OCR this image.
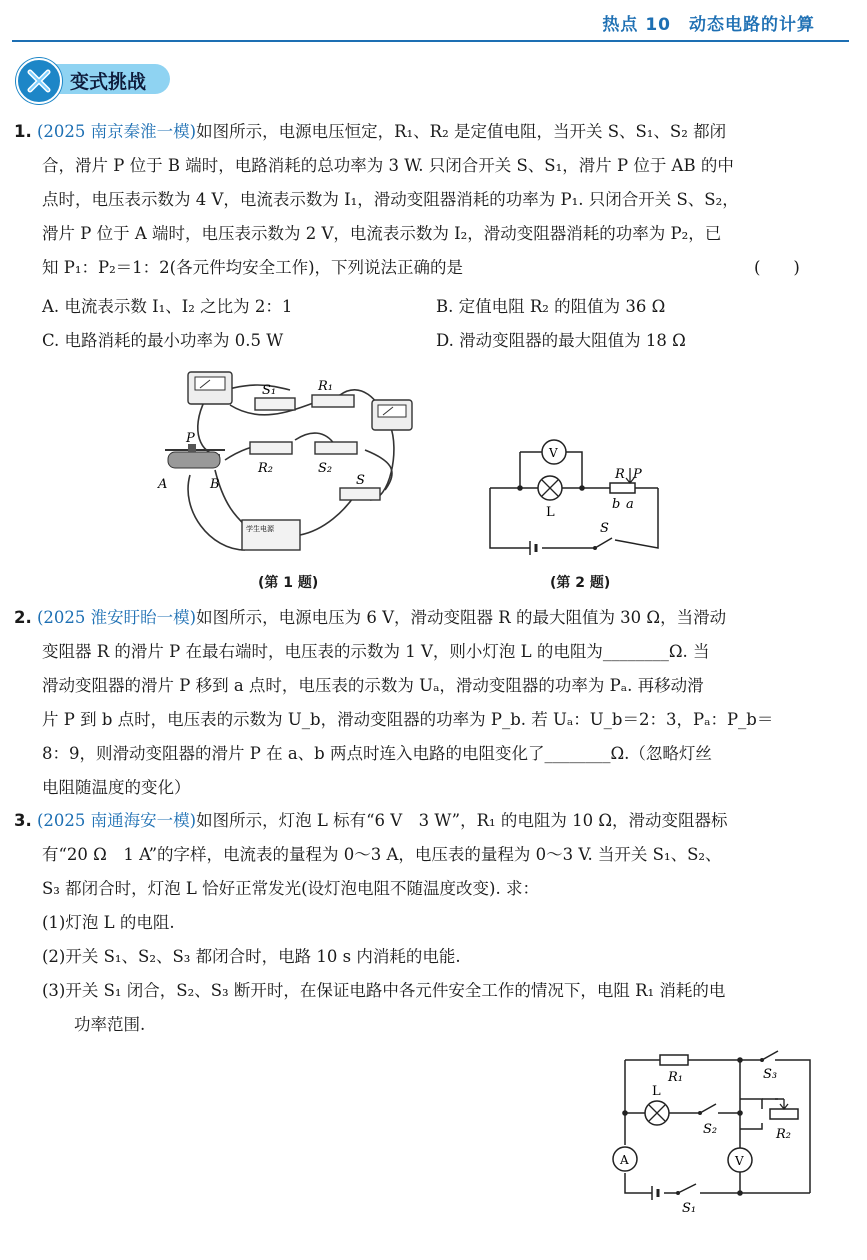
热点 10　动态电路的计算
变式挑战
1. (2025 南京秦淮一模)如图所示，电源电压恒定，R₁、R₂ 是定值电阻，当开关 S、S₁、S₂ 都闭
合，滑片 P 位于 B 端时，电路消耗的总功率为 3 W. 只闭合开关 S、S₁，滑片 P 位于 AB 的中
点时，电压表示数为 4 V，电流表示数为 I₁，滑动变阻器消耗的功率为 P₁. 只闭合开关 S、S₂，
滑片 P 位于 A 端时，电压表示数为 2 V，电流表示数为 I₂，滑动变阻器消耗的功率为 P₂，已
知 P₁：P₂＝1：2(各元件均安全工作)，下列说法正确的是	(　　)
A. 电流表示数 I₁、I₂ 之比为 2：1	B. 定值电阻 R₂ 的阻值为 36 Ω
C. 电路消耗的最小功率为 0.5 W	D. 滑动变阻器的最大阻值为 18 Ω
S₁	R₁
R₂	S₂
S
P
A	B
学生电源
(第 1 题)
V
L
R P
b a
S
(第 2 题)
2. (2025 淮安盱眙一模)如图所示，电源电压为 6 V，滑动变阻器 R 的最大阻值为 30 Ω，当滑动
变阻器 R 的滑片 P 在最右端时，电压表的示数为 1 V，则小灯泡 L 的电阻为________Ω. 当
滑动变阻器的滑片 P 移到 a 点时，电压表的示数为 Uₐ，滑动变阻器的功率为 Pₐ. 再移动滑
片 P 到 b 点时，电压表的示数为 U_b，滑动变阻器的功率为 P_b. 若 Uₐ：U_b＝2：3，Pₐ：P_b＝
8：9，则滑动变阻器的滑片 P 在 a、b 两点时连入电路的电阻变化了________Ω.（忽略灯丝
电阻随温度的变化）
3. (2025 南通海安一模)如图所示，灯泡 L 标有“6 V　3 W”，R₁ 的电阻为 10 Ω，滑动变阻器标
有“20 Ω　1 A”的字样，电流表的量程为 0～3 A，电压表的量程为 0～3 V. 当开关 S₁、S₂、
S₃ 都闭合时，灯泡 L 恰好正常发光(设灯泡电阻不随温度改变). 求：
(1)灯泡 L 的电阻.
(2)开关 S₁、S₂、S₃ 都闭合时，电路 10 s 内消耗的电能.
(3)开关 S₁ 闭合，S₂、S₃ 断开时，在保证电路中各元件安全工作的情况下，电阻 R₁ 消耗的电
功率范围.
R₁	S₃
L
S₂	R₂
A	V
S₁
